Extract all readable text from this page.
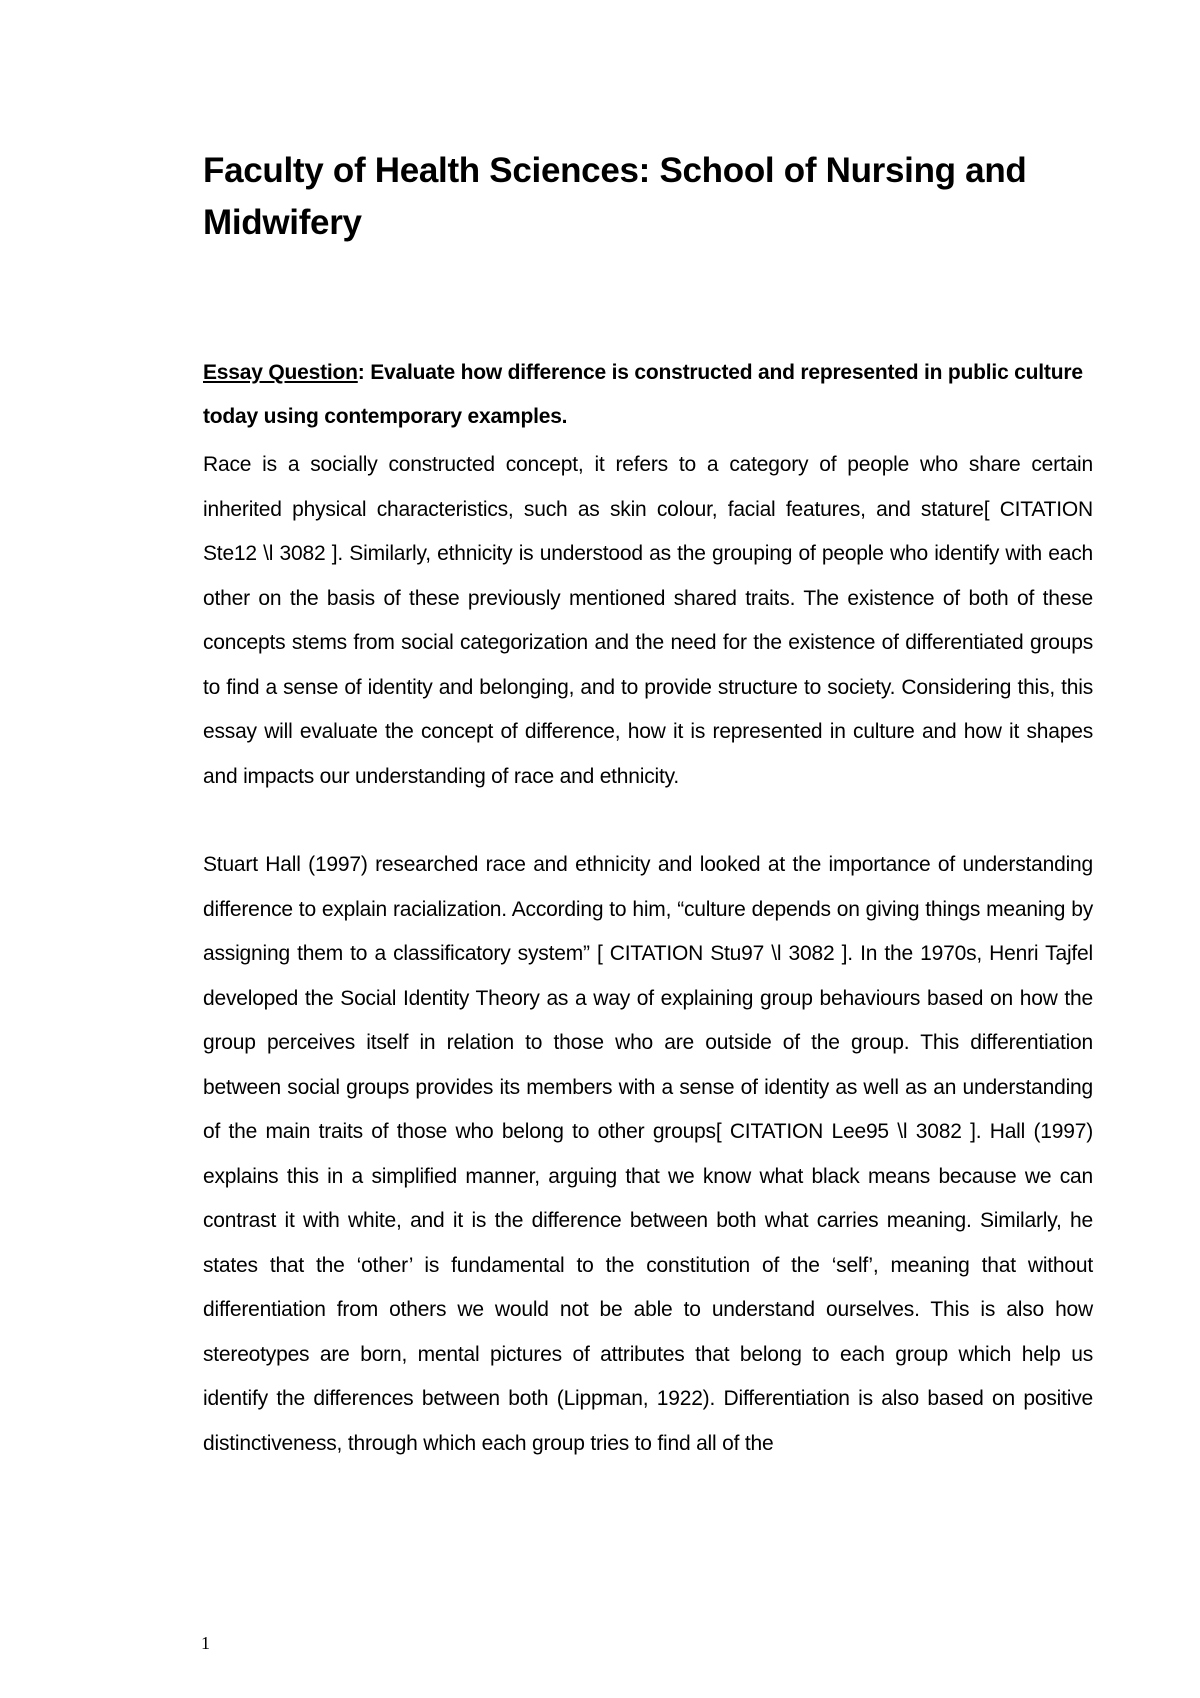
Faculty of Health Sciences: School of Nursing and Midwifery

Essay Question: Evaluate how difference is constructed and represented in public culture today using contemporary examples.

Race is a socially constructed concept, it refers to a category of people who share certain inherited physical characteristics, such as skin colour, facial features, and stature[ CITATION Ste12 \l 3082 ]. Similarly, ethnicity is understood as the grouping of people who identify with each other on the basis of these previously mentioned shared traits. The existence of both of these concepts stems from social categorization and the need for the existence of differentiated groups to find a sense of identity and belonging, and to provide structure to society. Considering this, this essay will evaluate the concept of difference, how it is represented in culture and how it shapes and impacts our understanding of race and ethnicity.

Stuart Hall (1997) researched race and ethnicity and looked at the importance of understanding difference to explain racialization. According to him, “culture depends on giving things meaning by assigning them to a classificatory system” [ CITATION Stu97 \l 3082 ]. In the 1970s, Henri Tajfel developed the Social Identity Theory as a way of explaining group behaviours based on how the group perceives itself in relation to those who are outside of the group. This differentiation between social groups provides its members with a sense of identity as well as an understanding of the main traits of those who belong to other groups[ CITATION Lee95 \l 3082 ]. Hall (1997) explains this in a simplified manner, arguing that we know what black means because we can contrast it with white, and it is the difference between both what carries meaning. Similarly, he states that the ‘other’ is fundamental to the constitution of the ‘self’, meaning that without differentiation from others we would not be able to understand ourselves. This is also how stereotypes are born, mental pictures of attributes that belong to each group which help us identify the differences between both (Lippman, 1922). Differentiation is also based on positive distinctiveness, through which each group tries to find all of the

1
